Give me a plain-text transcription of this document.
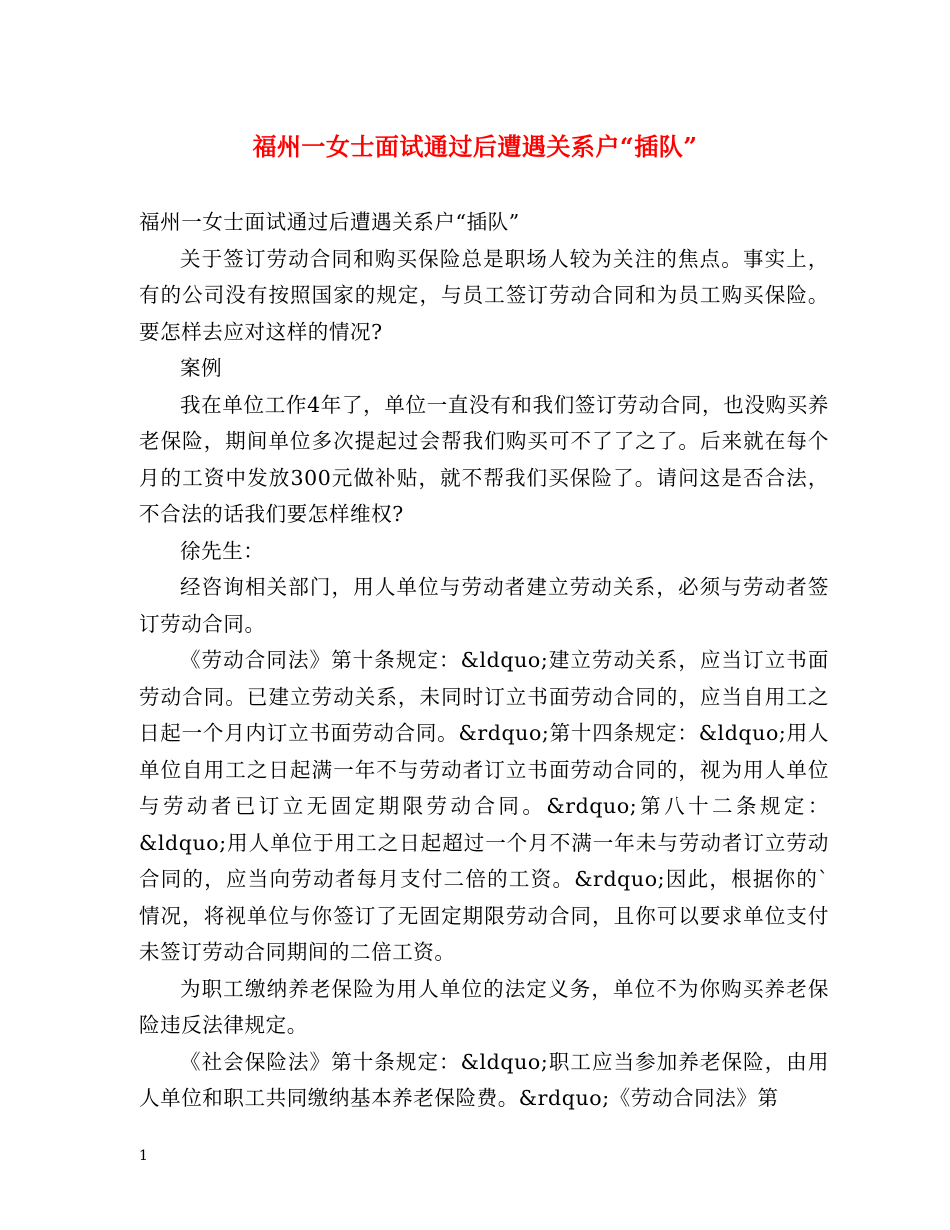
福州一女士面试通过后遭遇关系户“插队”

福州一女士面试通过后遭遇关系户“插队”

关于签订劳动合同和购买保险总是职场人较为关注的焦点。事实上，有的公司没有按照国家的规定，与员工签订劳动合同和为员工购买保险。要怎样去应对这样的情况?

案例

我在单位工作4年了，单位一直没有和我们签订劳动合同，也没购买养老保险，期间单位多次提起过会帮我们购买可不了了之了。后来就在每个月的工资中发放300元做补贴，就不帮我们买保险了。请问这是否合法，不合法的话我们要怎样维权?

徐先生：

经咨询相关部门，用人单位与劳动者建立劳动关系，必须与劳动者签订劳动合同。

《劳动合同法》第十条规定：&ldquo;建立劳动关系，应当订立书面劳动合同。已建立劳动关系，未同时订立书面劳动合同的，应当自用工之日起一个月内订立书面劳动合同。&rdquo;第十四条规定：&ldquo;用人单位自用工之日起满一年不与劳动者订立书面劳动合同的，视为用人单位与劳动者已订立无固定期限劳动合同。&rdquo;第八十二条规定：&ldquo;用人单位于用工之日起超过一个月不满一年未与劳动者订立劳动合同的，应当向劳动者每月支付二倍的工资。&rdquo;因此，根据你的`情况，将视单位与你签订了无固定期限劳动合同，且你可以要求单位支付未签订劳动合同期间的二倍工资。

为职工缴纳养老保险为用人单位的法定义务，单位不为你购买养老保险违反法律规定。

《社会保险法》第十条规定：&ldquo;职工应当参加养老保险，由用人单位和职工共同缴纳基本养老保险费。&rdquo;《劳动合同法》第

1
